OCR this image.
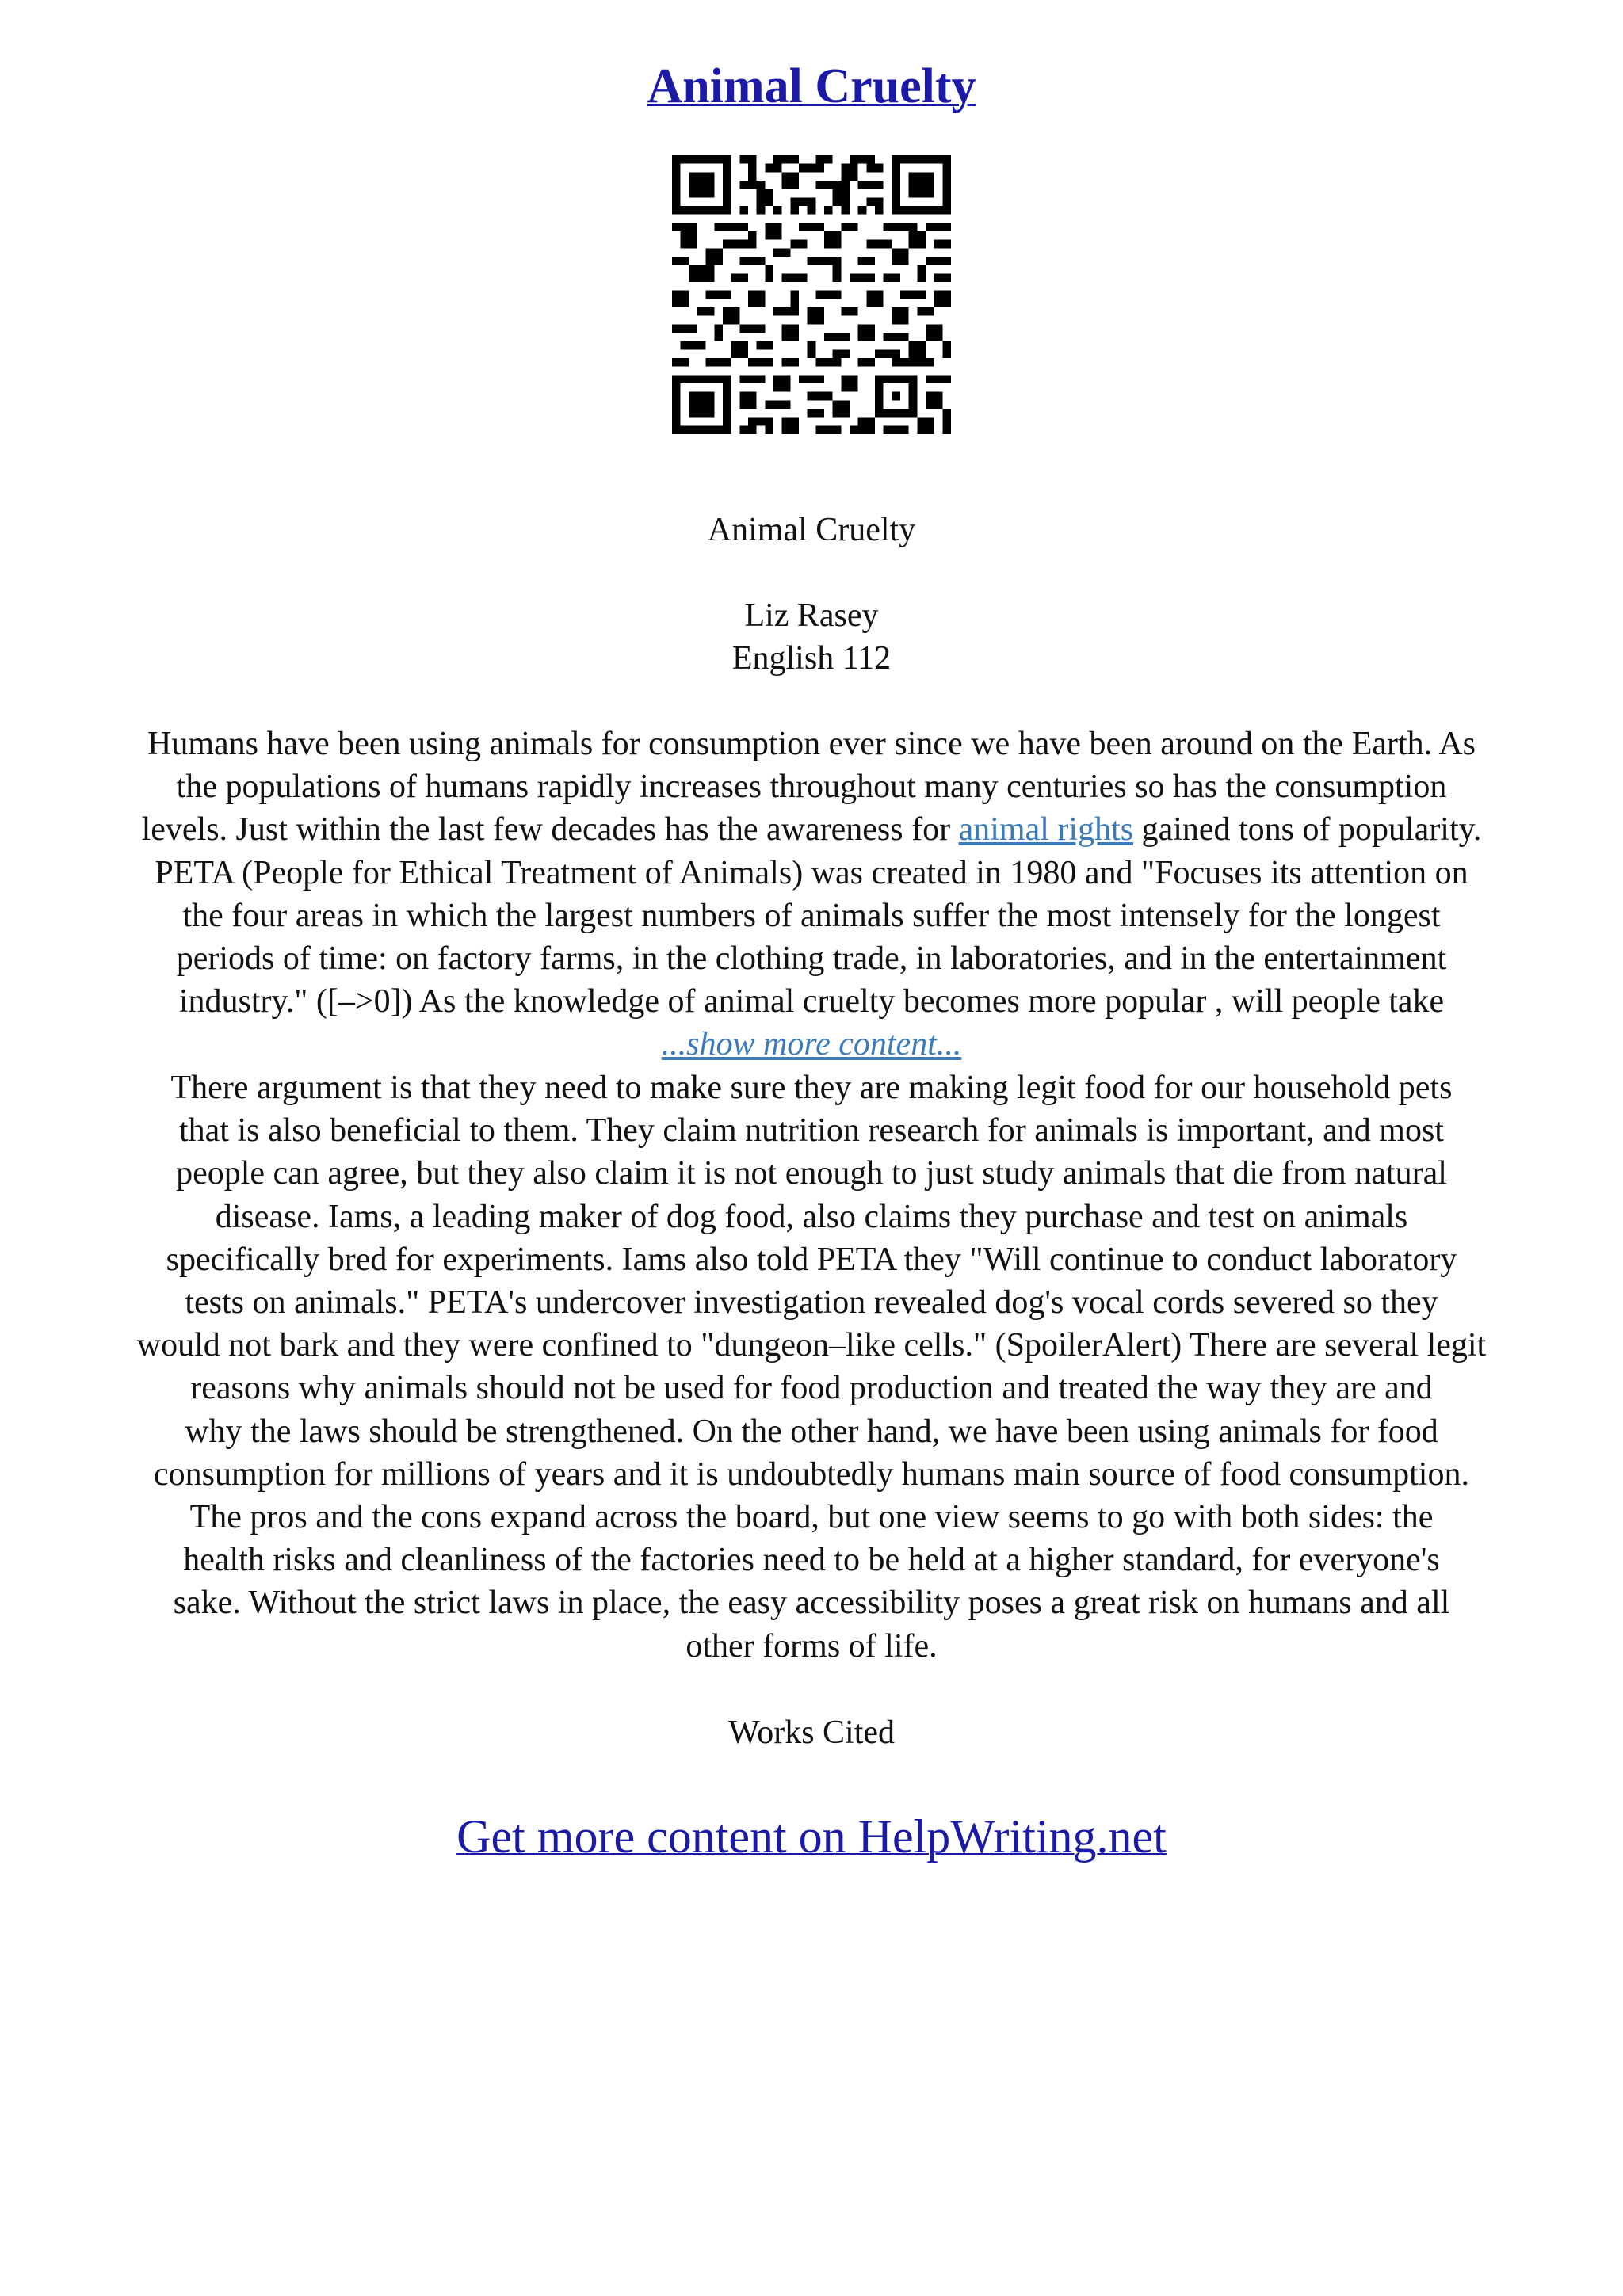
Animal Cruelty
Animal Cruelty
Liz Rasey
English 112
Humans have been using animals for consumption ever since we have been around on the Earth. As
the populations of humans rapidly increases throughout many centuries so has the consumption
levels. Just within the last few decades has the awareness for animal rights gained tons of popularity.
PETA (People for Ethical Treatment of Animals) was created in 1980 and "Focuses its attention on
the four areas in which the largest numbers of animals suffer the most intensely for the longest
periods of time: on factory farms, in the clothing trade, in laboratories, and in the entertainment
industry." ([–>0]) As the knowledge of animal cruelty becomes more popular , will people take
...show more content...
There argument is that they need to make sure they are making legit food for our household pets
that is also beneficial to them. They claim nutrition research for animals is important, and most
people can agree, but they also claim it is not enough to just study animals that die from natural
disease. Iams, a leading maker of dog food, also claims they purchase and test on animals
specifically bred for experiments. Iams also told PETA they "Will continue to conduct laboratory
tests on animals." PETA's undercover investigation revealed dog's vocal cords severed so they
would not bark and they were confined to "dungeon–like cells." (SpoilerAlert) There are several legit
reasons why animals should not be used for food production and treated the way they are and
why the laws should be strengthened. On the other hand, we have been using animals for food
consumption for millions of years and it is undoubtedly humans main source of food consumption.
The pros and the cons expand across the board, but one view seems to go with both sides: the
health risks and cleanliness of the factories need to be held at a higher standard, for everyone's
sake. Without the strict laws in place, the easy accessibility poses a great risk on humans and all
other forms of life.
Works Cited
Get more content on HelpWriting.net
